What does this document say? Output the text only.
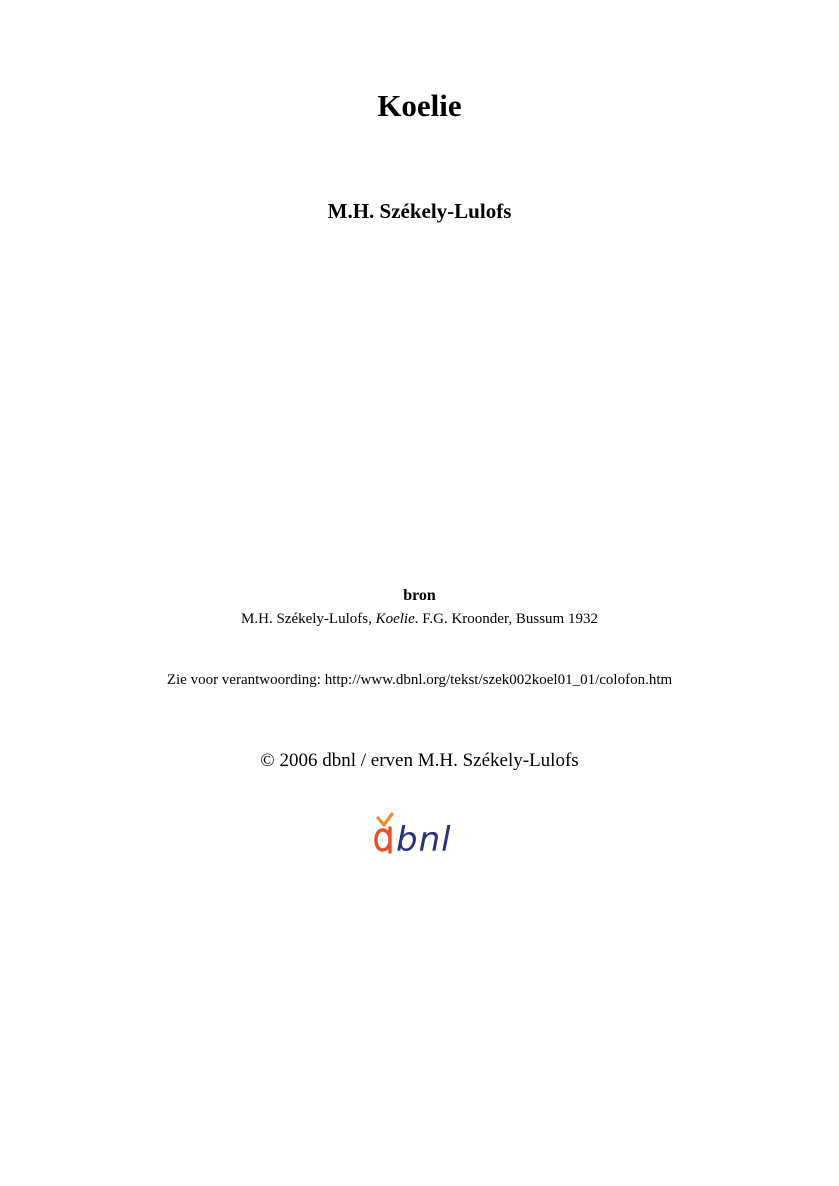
Koelie
M.H. Székely-Lulofs
bron
M.H. Székely-Lulofs, Koelie. F.G. Kroonder, Bussum 1932
Zie voor verantwoording: http://www.dbnl.org/tekst/szek002koel01_01/colofon.htm
© 2006 dbnl / erven M.H. Székely-Lulofs
dbnl
bnl
